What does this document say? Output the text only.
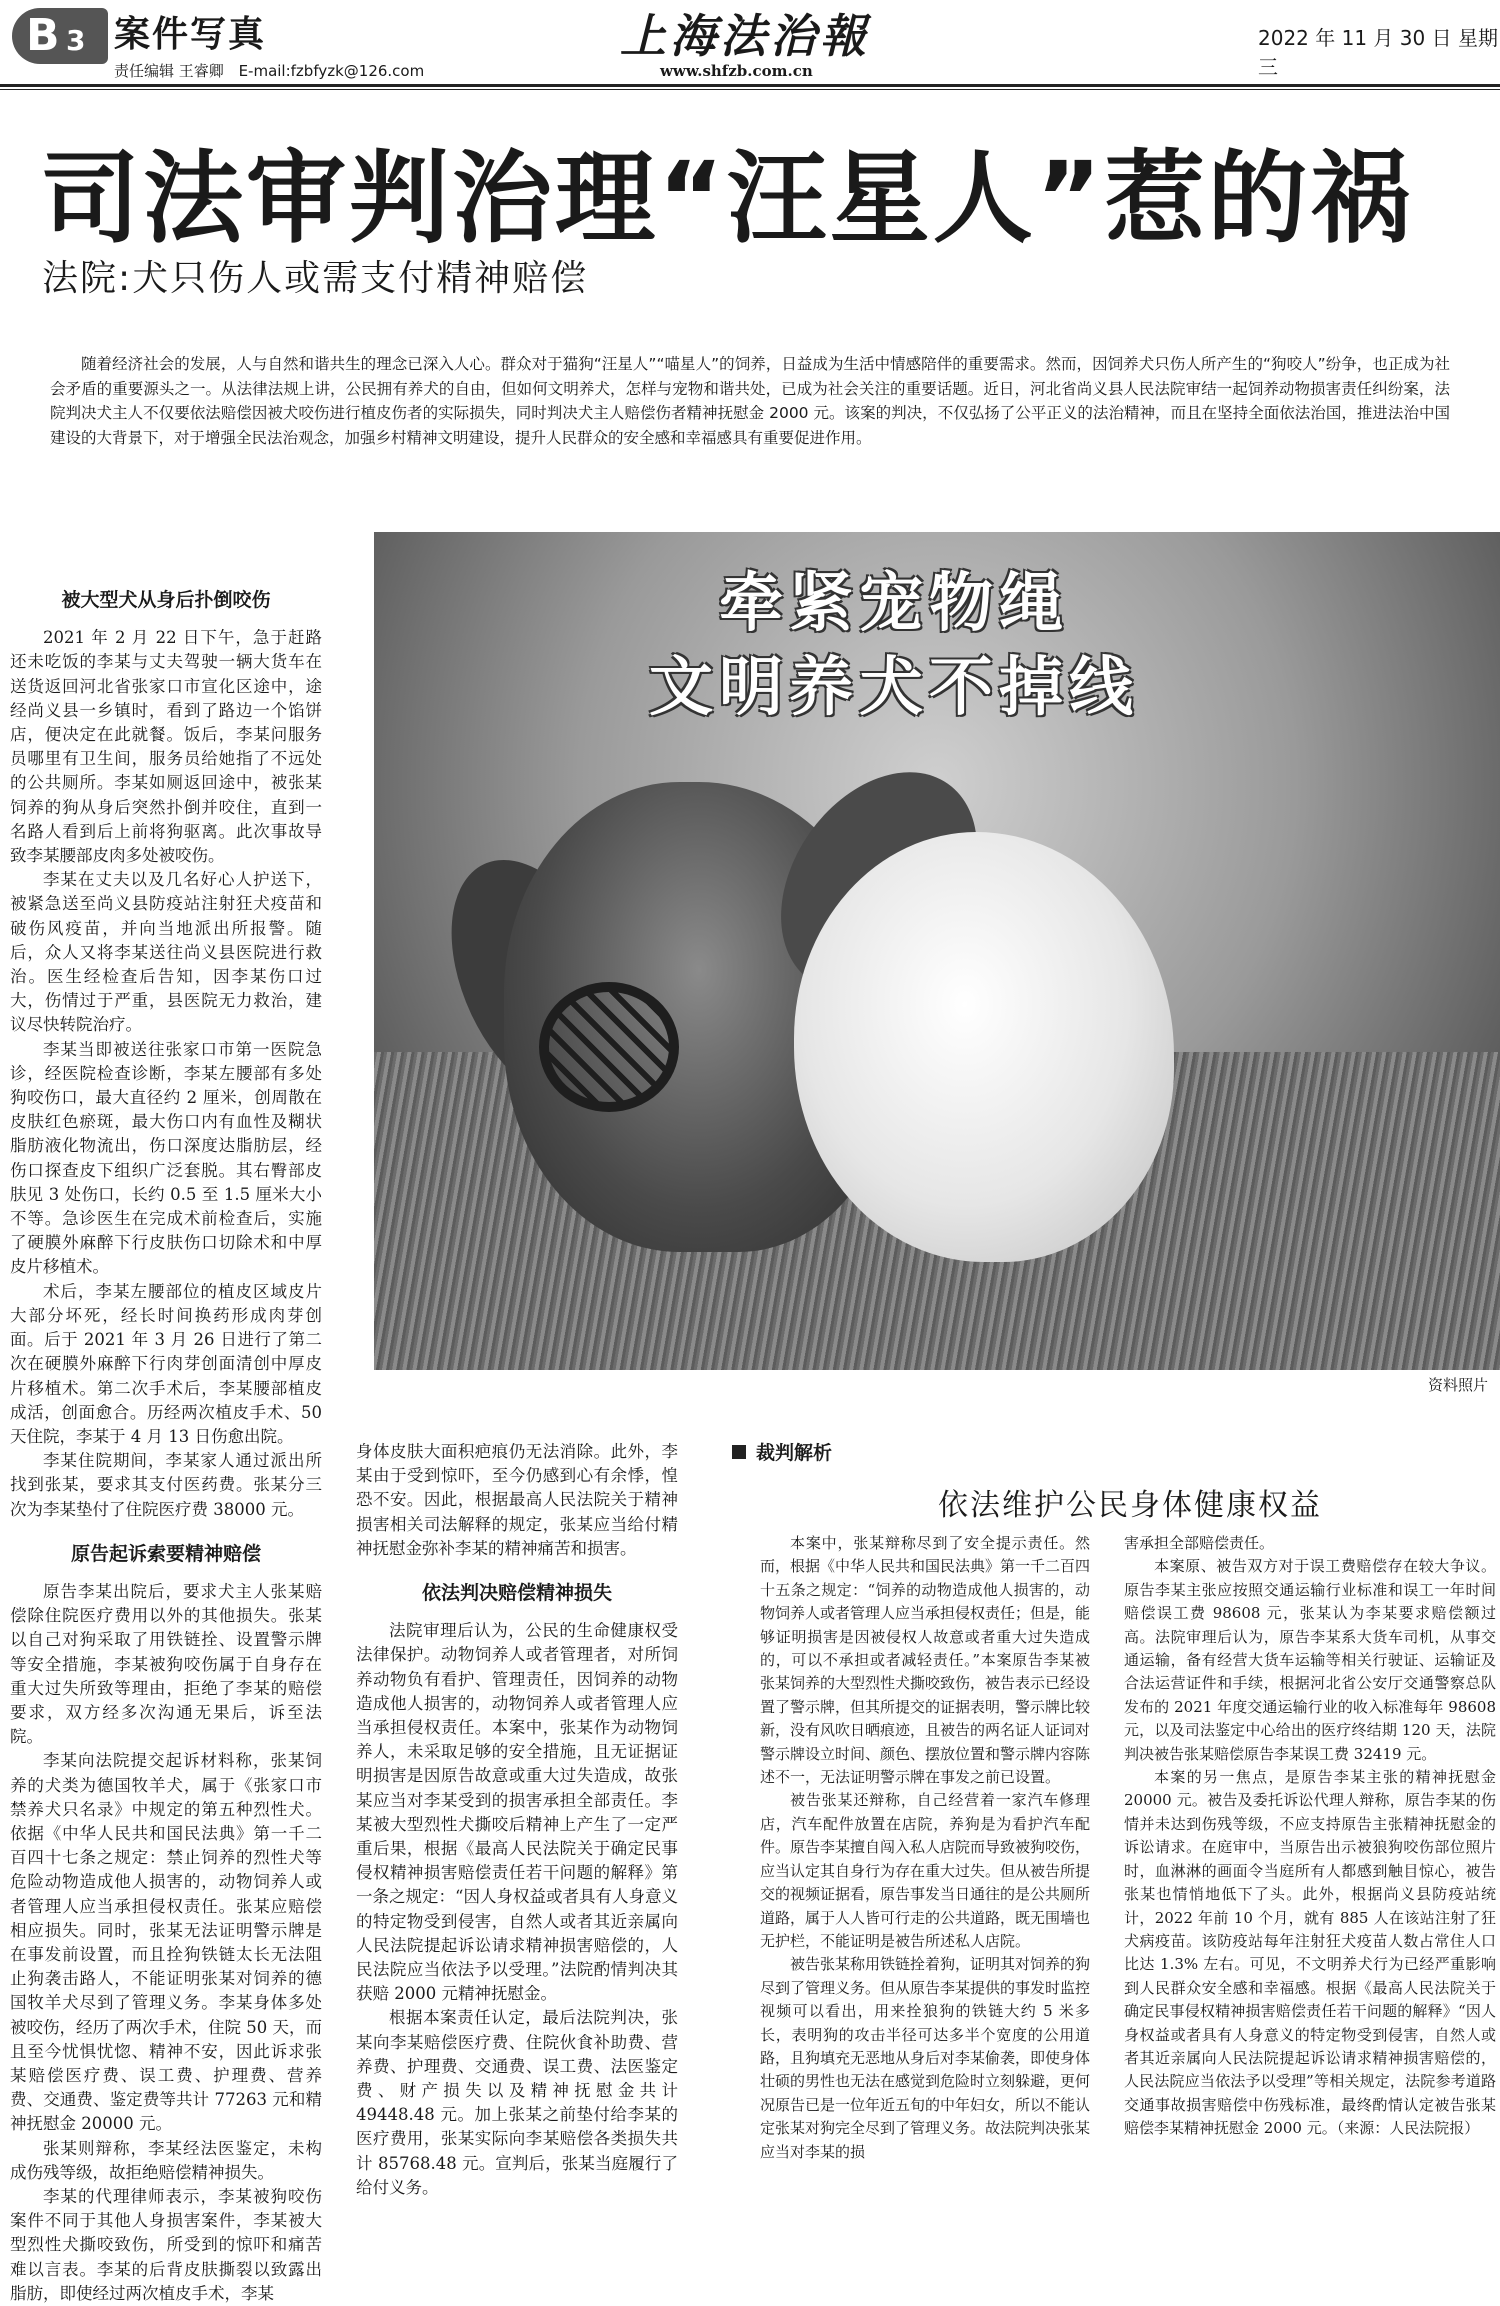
B 3 案件写真
责任编辑 王睿卿 E-mail:fzbfyzk@126.com
上海法治報
www.shfzb.com.cn
2022 年 11 月 30 日 星期三
司法审判治理“汪星人”惹的祸
法院:犬只伤人或需支付精神赔偿
随着经济社会的发展，人与自然和谐共生的理念已深入人心。群众对于猫狗“汪星人”“喵星人”的饲养，日益成为生活中情感陪伴的重要需求。然而，因饲养犬只伤人所产生的“狗咬人”纷争，也正成为社会矛盾的重要源头之一。从法律法规上讲，公民拥有养犬的自由，但如何文明养犬，怎样与宠物和谐共处，已成为社会关注的重要话题。近日，河北省尚义县人民法院审结一起饲养动物损害责任纠纷案，法院判决犬主人不仅要依法赔偿因被犬咬伤进行植皮伤者的实际损失，同时判决犬主人赔偿伤者精神抚慰金 2000 元。该案的判决，不仅弘扬了公平正义的法治精神，而且在坚持全面依法治国，推进法治中国建设的大背景下，对于增强全民法治观念，加强乡村精神文明建设，提升人民群众的安全感和幸福感具有重要促进作用。
牵紧宠物绳
文明养犬不掉线
资料照片
被大型犬从身后扑倒咬伤

2021 年 2 月 22 日下午，急于赶路还未吃饭的李某与丈夫驾驶一辆大货车在送货返回河北省张家口市宣化区途中，途经尚义县一乡镇时，看到了路边一个馅饼店，便决定在此就餐。饭后，李某问服务员哪里有卫生间，服务员给她指了不远处的公共厕所。李某如厕返回途中，被张某饲养的狗从身后突然扑倒并咬住，直到一名路人看到后上前将狗驱离。此次事故导致李某腰部皮肉多处被咬伤。

李某在丈夫以及几名好心人护送下，被紧急送至尚义县防疫站注射狂犬疫苗和破伤风疫苗，并向当地派出所报警。随后，众人又将李某送往尚义县医院进行救治。医生经检查后告知，因李某伤口过大，伤情过于严重，县医院无力救治，建议尽快转院治疗。

李某当即被送往张家口市第一医院急诊，经医院检查诊断，李某左腰部有多处狗咬伤口，最大直径约 2 厘米，创周散在皮肤红色瘀斑，最大伤口内有血性及糊状脂肪液化物流出，伤口深度达脂肪层，经伤口探查皮下组织广泛套脱。其右臀部皮肤见 3 处伤口，长约 0.5 至 1.5 厘米大小不等。急诊医生在完成术前检查后，实施了硬膜外麻醉下行皮肤伤口切除术和中厚皮片移植术。

术后，李某左腰部位的植皮区域皮片大部分坏死，经长时间换药形成肉芽创面。后于 2021 年 3 月 26 日进行了第二次在硬膜外麻醉下行肉芽创面清创中厚皮片移植术。第二次手术后，李某腰部植皮成活，创面愈合。历经两次植皮手术、50 天住院，李某于 4 月 13 日伤愈出院。

李某住院期间，李某家人通过派出所找到张某，要求其支付医药费。张某分三次为李某垫付了住院医疗费 38000 元。

原告起诉索要精神赔偿

原告李某出院后，要求犬主人张某赔偿除住院医疗费用以外的其他损失。张某以自己对狗采取了用铁链拴、设置警示牌等安全措施，李某被狗咬伤属于自身存在重大过失所致等理由，拒绝了李某的赔偿要求，双方经多次沟通无果后，诉至法院。

李某向法院提交起诉材料称，张某饲养的犬类为德国牧羊犬，属于《张家口市禁养犬只名录》中规定的第五种烈性犬。依据《中华人民共和国民法典》第一千二百四十七条之规定：禁止饲养的烈性犬等危险动物造成他人损害的，动物饲养人或者管理人应当承担侵权责任。张某应赔偿相应损失。同时，张某无法证明警示牌是在事发前设置，而且拴狗铁链太长无法阻止狗袭击路人，不能证明张某对饲养的德国牧羊犬尽到了管理义务。李某身体多处被咬伤，经历了两次手术，住院 50 天，而且至今忧惧忧惚、精神不安，因此诉求张某赔偿医疗费、误工费、护理费、营养费、交通费、鉴定费等共计 77263 元和精神抚慰金 20000 元。

张某则辩称，李某经法医鉴定，未构成伤残等级，故拒绝赔偿精神损失。

李某的代理律师表示，李某被狗咬伤案件不同于其他人身损害案件，李某被大型烈性犬撕咬致伤，所受到的惊吓和痛苦难以言表。李某的后背皮肤撕裂以致露出脂肪，即使经过两次植皮手术，李某

身体皮肤大面积疤痕仍无法消除。此外，李某由于受到惊吓，至今仍感到心有余悸，惶恐不安。因此，根据最高人民法院关于精神损害相关司法解释的规定，张某应当给付精神抚慰金弥补李某的精神痛苦和损害。

依法判决赔偿精神损失

法院审理后认为，公民的生命健康权受法律保护。动物饲养人或者管理者，对所饲养动物负有看护、管理责任，因饲养的动物造成他人损害的，动物饲养人或者管理人应当承担侵权责任。本案中，张某作为动物饲养人，未采取足够的安全措施，且无证据证明损害是因原告故意或重大过失造成，故张某应当对李某受到的损害承担全部责任。李某被大型烈性犬撕咬后精神上产生了一定严重后果，根据《最高人民法院关于确定民事侵权精神损害赔偿责任若干问题的解释》第一条之规定：“因人身权益或者具有人身意义的特定物受到侵害，自然人或者其近亲属向人民法院提起诉讼请求精神损害赔偿的，人民法院应当依法予以受理。”法院酌情判决其获赔 2000 元精神抚慰金。

根据本案责任认定，最后法院判决，张某向李某赔偿医疗费、住院伙食补助费、营养费、护理费、交通费、误工费、法医鉴定费、财产损失以及精神抚慰金共计 49448.48 元。加上张某之前垫付给李某的医疗费用，张某实际向李某赔偿各类损失共计 85768.48 元。宣判后，张某当庭履行了给付义务。

裁判解析
依法维护公民身体健康权益

本案中，张某辩称尽到了安全提示责任。然而，根据《中华人民共和国民法典》第一千二百四十五条之规定：“饲养的动物造成他人损害的，动物饲养人或者管理人应当承担侵权责任；但是，能够证明损害是因被侵权人故意或者重大过失造成的，可以不承担或者减轻责任。”本案原告李某被张某饲养的大型烈性犬撕咬致伤，被告表示已经设置了警示牌，但其所提交的证据表明，警示牌比较新，没有风吹日晒痕迹，且被告的两名证人证词对警示牌设立时间、颜色、摆放位置和警示牌内容陈述不一，无法证明警示牌在事发之前已设置。

被告张某还辩称，自己经营着一家汽车修理店，汽车配件放置在店院，养狗是为看护汽车配件。原告李某擅自闯入私人店院而导致被狗咬伤，应当认定其自身行为存在重大过失。但从被告所提交的视频证据看，原告事发当日通往的是公共厕所道路，属于人人皆可行走的公共道路，既无围墙也无护栏，不能证明是被告所述私人店院。

被告张某称用铁链拴着狗，证明其对饲养的狗尽到了管理义务。但从原告李某提供的事发时监控视频可以看出，用来拴狼狗的铁链大约 5 米多长，表明狗的攻击半径可达多半个宽度的公用道路，且狗填充无恶地从身后对李某偷袭，即使身体壮硕的男性也无法在感觉到危险时立刻躲避，更何况原告已是一位年近五旬的中年妇女，所以不能认定张某对狗完全尽到了管理义务。故法院判决张某应当对李某的损

害承担全部赔偿责任。

本案原、被告双方对于误工费赔偿存在较大争议。原告李某主张应按照交通运输行业标准和误工一年时间赔偿误工费 98608 元，张某认为李某要求赔偿额过高。法院审理后认为，原告李某系大货车司机，从事交通运输，备有经营大货车运输等相关行驶证、运输证及合法运营证件和手续，根据河北省公安厅交通警察总队发布的 2021 年度交通运输行业的收入标准每年 98608 元，以及司法鉴定中心给出的医疗终结期 120 天，法院判决被告张某赔偿原告李某误工费 32419 元。

本案的另一焦点，是原告李某主张的精神抚慰金 20000 元。被告及委托诉讼代理人辩称，原告李某的伤情并未达到伤残等级，不应支持原告主张精神抚慰金的诉讼请求。在庭审中，当原告出示被狼狗咬伤部位照片时，血淋淋的画面令当庭所有人都感到触目惊心，被告张某也情悄地低下了头。此外，根据尚义县防疫站统计，2022 年前 10 个月，就有 885 人在该站注射了狂犬病疫苗。该防疫站每年注射狂犬疫苗人数占常住人口比达 1.3% 左右。可见，不文明养犬行为已经严重影响到人民群众安全感和幸福感。根据《最高人民法院关于确定民事侵权精神损害赔偿责任若干问题的解释》“因人身权益或者具有人身意义的特定物受到侵害，自然人或者其近亲属向人民法院提起诉讼请求精神损害赔偿的，人民法院应当依法予以受理”等相关规定，法院参考道路交通事故损害赔偿中伤残标准，最终酌情认定被告张某赔偿李某精神抚慰金 2000 元。（来源：人民法院报）
